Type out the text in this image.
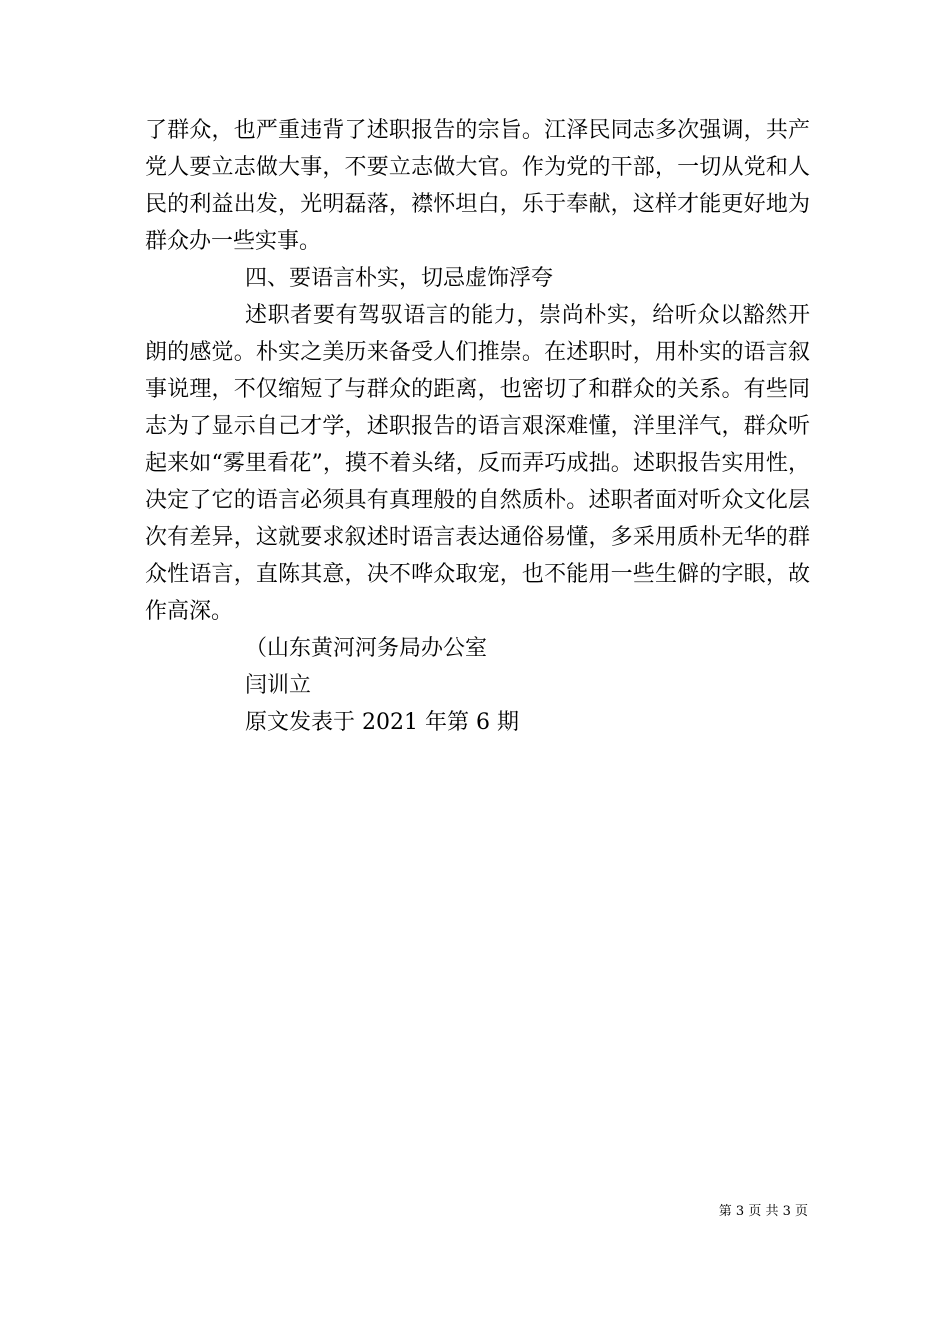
了群众，也严重违背了述职报告的宗旨。江泽民同志多次强调，共产党人要立志做大事，不要立志做大官。作为党的干部，一切从党和人民的利益出发，光明磊落，襟怀坦白，乐于奉献，这样才能更好地为群众办一些实事。

四、要语言朴实，切忌虚饰浮夸

述职者要有驾驭语言的能力，崇尚朴实，给听众以豁然开朗的感觉。朴实之美历来备受人们推崇。在述职时，用朴实的语言叙事说理，不仅缩短了与群众的距离，也密切了和群众的关系。有些同志为了显示自己才学，述职报告的语言艰深难懂，洋里洋气，群众听起来如“雾里看花”，摸不着头绪，反而弄巧成拙。述职报告实用性，决定了它的语言必须具有真理般的自然质朴。述职者面对听众文化层次有差异，这就要求叙述时语言表达通俗易懂，多采用质朴无华的群众性语言，直陈其意，决不哗众取宠，也不能用一些生僻的字眼，故作高深。

（山东黄河河务局办公室

闫训立

原文发表于 2021 年第 6 期

第 3 页 共 3 页
